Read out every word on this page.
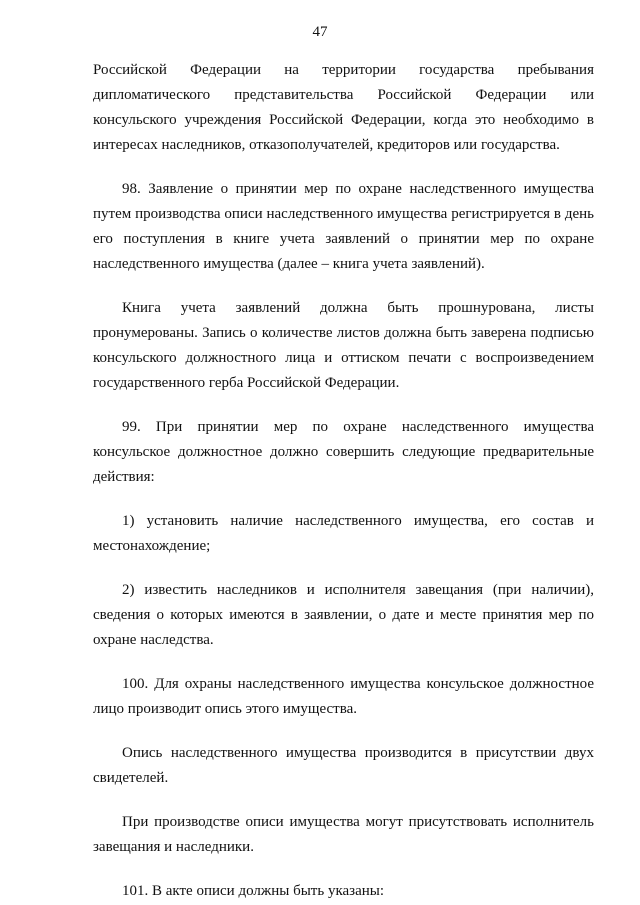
47

Российской Федерации на территории государства пребывания дипломатического представительства Российской Федерации или консульского учреждения Российской Федерации, когда это необходимо в интересах наследников, отказополучателей, кредиторов или государства.

98. Заявление о принятии мер по охране наследственного имущества путем производства описи наследственного имущества регистрируется в день его поступления в книге учета заявлений о принятии мер по охране наследственного имущества (далее – книга учета заявлений).

Книга учета заявлений должна быть прошнурована, листы пронумерованы. Запись о количестве листов должна быть заверена подписью консульского должностного лица и оттиском печати с воспроизведением государственного герба Российской Федерации.

99. При принятии мер по охране наследственного имущества консульское должностное должно совершить следующие предварительные действия:

1) установить наличие наследственного имущества, его состав и местонахождение;

2) известить наследников и исполнителя завещания (при наличии), сведения о которых имеются в заявлении, о дате и месте принятия мер по охране наследства.

100. Для охраны наследственного имущества консульское должностное лицо производит опись этого имущества.

Опись наследственного имущества производится в присутствии двух свидетелей.

При производстве описи имущества могут присутствовать исполнитель завещания и наследники.

101. В акте описи должны быть указаны:
